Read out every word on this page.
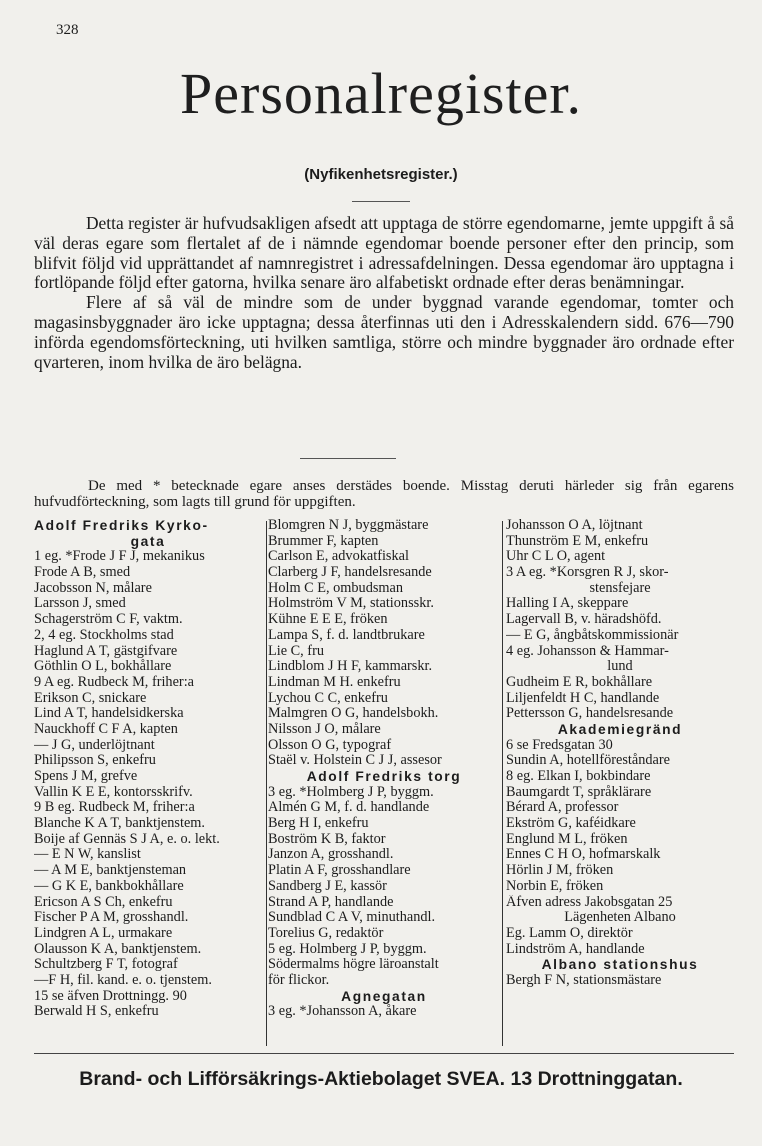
328
Personalregister.
(Nyfikenhetsregister.)

Detta register är hufvudsakligen afsedt att upptaga de större egendomarne, jemte uppgift å så väl deras egare som flertalet af de i nämnde egendomar boende personer efter den princip, som blifvit följd vid upprättandet af namnregistret i adressafdelningen. Dessa egendomar äro upptagna i fortlöpande följd efter gatorna, hvilka senare äro alfabetiskt ordnade efter deras benämningar.

Flere af så väl de mindre som de under byggnad varande egendomar, tomter och magasinsbyggnader äro icke upptagna; dessa återfinnas uti den i Adresskalendern sidd. 676—790 införda egendomsförteckning, uti hvilken samtliga, större och mindre byggnader äro ordnade efter qvarteren, inom hvilka de äro belägna.

De med * betecknade egare anses derstädes boende. Misstag deruti härleder sig från egarens hufvudförteckning, som lagts till grund för uppgiften.
Adolf Fredriks Kyrko-
gata
1 eg. *Frode J F J, mekanikus
Frode A B, smed
Jacobsson N, målare
Larsson J, smed
Schagerström C F, vaktm.
2, 4 eg. Stockholms stad
Haglund A T, gästgifvare
Göthlin O L, bokhållare
9 A eg. Rudbeck M, friher:a
Erikson C, snickare
Lind A T, handelsidkerska
Nauckhoff C F A, kapten
— J G, underlöjtnant
Philipsson S, enkefru
Spens J M, grefve
Vallin K E E, kontorsskrifv.
9 B eg. Rudbeck M, friher:a
Blanche K A T, banktjenstem.
Boije af Gennäs S J A, e. o. lekt.
— E N W, kanslist
— A M E, banktjensteman
— G K E, bankbokhållare
Ericson A S Ch, enkefru
Fischer P A M, grosshandl.
Lindgren A L, urmakare
Olausson K A, banktjenstem.
Schultzberg F T, fotograf
—F H, fil. kand. e. o. tjenstem.
15 se äfven Drottningg. 90
Berwald H S, enkefru
Blomgren N J, byggmästare
Brummer F, kapten
Carlson E, advokatfiskal
Clarberg J F, handelsresande
Holm C E, ombudsman
Holmström V M, stationsskr.
Kühne E E E, fröken
Lampa S, f. d. landtbrukare
Lie C, fru
Lindblom J H F, kammarskr.
Lindman M H. enkefru
Lychou C C, enkefru
Malmgren O G, handelsbokh.
Nilsson J O, målare
Olsson O G, typograf
Staël v. Holstein C J J, assesor
Adolf Fredriks torg
3 eg. *Holmberg J P, byggm.
Almén G M, f. d. handlande
Berg H I, enkefru
Boström K B, faktor
Janzon A, grosshandl.
Platin A F, grosshandlare
Sandberg J E, kassör
Strand A P, handlande
Sundblad C A V, minuthandl.
Torelius G, redaktör
5 eg. Holmberg J P, byggm.
Södermalms högre läroanstalt
för flickor.
Agnegatan
3 eg. *Johansson A, åkare
Johansson O A, löjtnant
Thunström E M, enkefru
Uhr C L O, agent
3 A eg. *Korsgren R J, skor-
stensfejare
Halling I A, skeppare
Lagervall B, v. häradshöfd.
— E G, ångbåtskommissionär
4 eg. Johansson & Hammar-
lund
Gudheim E R, bokhållare
Liljenfeldt H C, handlande
Pettersson G, handelsresande
Akademiegränd
6 se Fredsgatan 30
Sundin A, hotellföreståndare
8 eg. Elkan I, bokbindare
Baumgardt T, språklärare
Bérard A, professor
Ekström G, kaféidkare
Englund M L, fröken
Ennes C H O, hofmarskalk
Hörlin J M, fröken
Norbin E, fröken
Äfven adress Jakobsgatan 25
Lägenheten Albano
Eg. Lamm O, direktör
Lindström A, handlande
Albano stationshus
Bergh F N, stationsmästare
Brand- och Lifförsäkrings-Aktiebolaget SVEA. 13 Drottninggatan.
